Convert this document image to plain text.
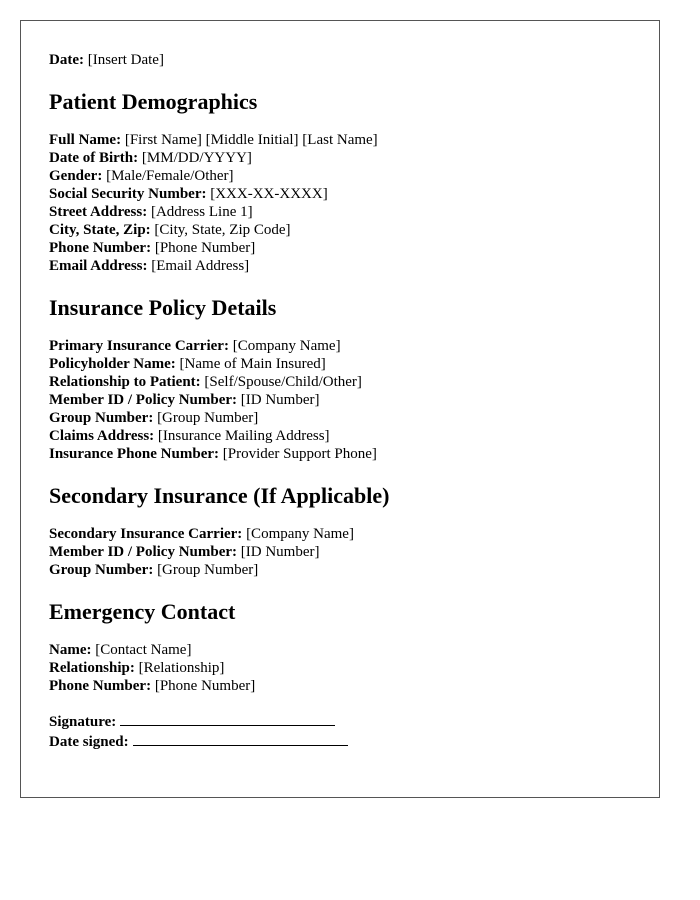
Date: [Insert Date]
Patient Demographics
Full Name: [First Name] [Middle Initial] [Last Name]
Date of Birth: [MM/DD/YYYY]
Gender: [Male/Female/Other]
Social Security Number: [XXX-XX-XXXX]
Street Address: [Address Line 1]
City, State, Zip: [City, State, Zip Code]
Phone Number: [Phone Number]
Email Address: [Email Address]
Insurance Policy Details
Primary Insurance Carrier: [Company Name]
Policyholder Name: [Name of Main Insured]
Relationship to Patient: [Self/Spouse/Child/Other]
Member ID / Policy Number: [ID Number]
Group Number: [Group Number]
Claims Address: [Insurance Mailing Address]
Insurance Phone Number: [Provider Support Phone]
Secondary Insurance (If Applicable)
Secondary Insurance Carrier: [Company Name]
Member ID / Policy Number: [ID Number]
Group Number: [Group Number]
Emergency Contact
Name: [Contact Name]
Relationship: [Relationship]
Phone Number: [Phone Number]
Signature:
Date signed:
